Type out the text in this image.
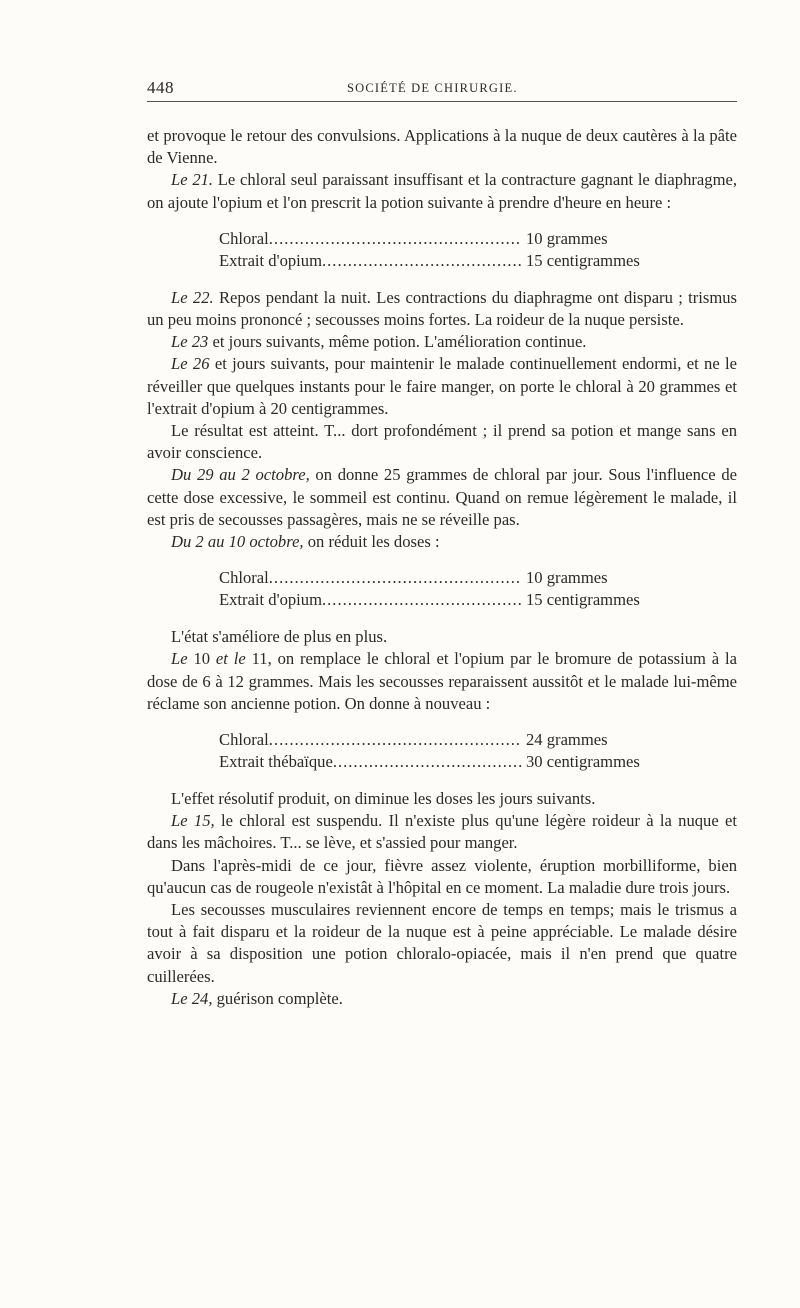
448	SOCIÉTÉ DE CHIRURGIE.

et provoque le retour des convulsions. Applications à la nuque de deux cautères à la pâte de Vienne.

Le 21. Le chloral seul paraissant insuffisant et la contracture gagnant le diaphragme, on ajoute l'opium et l'on prescrit la potion suivante à prendre d'heure en heure :

Chloral .....	10 grammes
Extrait d'opium .....	15 centigrammes

Le 22. Repos pendant la nuit. Les contractions du diaphragme ont disparu ; trismus un peu moins prononcé ; secousses moins fortes. La roideur de la nuque persiste.

Le 23 et jours suivants, même potion. L'amélioration continue.

Le 26 et jours suivants, pour maintenir le malade continuellement endormi, et ne le réveiller que quelques instants pour le faire manger, on porte le chloral à 20 grammes et l'extrait d'opium à 20 centigrammes.

Le résultat est atteint. T... dort profondément ; il prend sa potion et mange sans en avoir conscience.

Du 29 au 2 octobre, on donne 25 grammes de chloral par jour. Sous l'influence de cette dose excessive, le sommeil est continu. Quand on remue légèrement le malade, il est pris de secousses passagères, mais ne se réveille pas.

Du 2 au 10 octobre, on réduit les doses :

Chloral .....	10 grammes
Extrait d'opium .....	15 centigrammes

L'état s'améliore de plus en plus.

Le 10 et le 11, on remplace le chloral et l'opium par le bromure de potassium à la dose de 6 à 12 grammes. Mais les secousses reparaissent aussitôt et le malade lui-même réclame son ancienne potion. On donne à nouveau :

Chloral .....	24 grammes
Extrait thébaïque .....	30 centigrammes

L'effet résolutif produit, on diminue les doses les jours suivants.

Le 15, le chloral est suspendu. Il n'existe plus qu'une légère roideur à la nuque et dans les mâchoires. T... se lève, et s'assied pour manger.

Dans l'après-midi de ce jour, fièvre assez violente, éruption morbilliforme, bien qu'aucun cas de rougeole n'existât à l'hôpital en ce moment. La maladie dure trois jours.

Les secousses musculaires reviennent encore de temps en temps; mais le trismus a tout à fait disparu et la roideur de la nuque est à peine appréciable. Le malade désire avoir à sa disposition une potion chloralo-opiacée, mais il n'en prend que quatre cuillerées.

Le 24, guérison complète.
